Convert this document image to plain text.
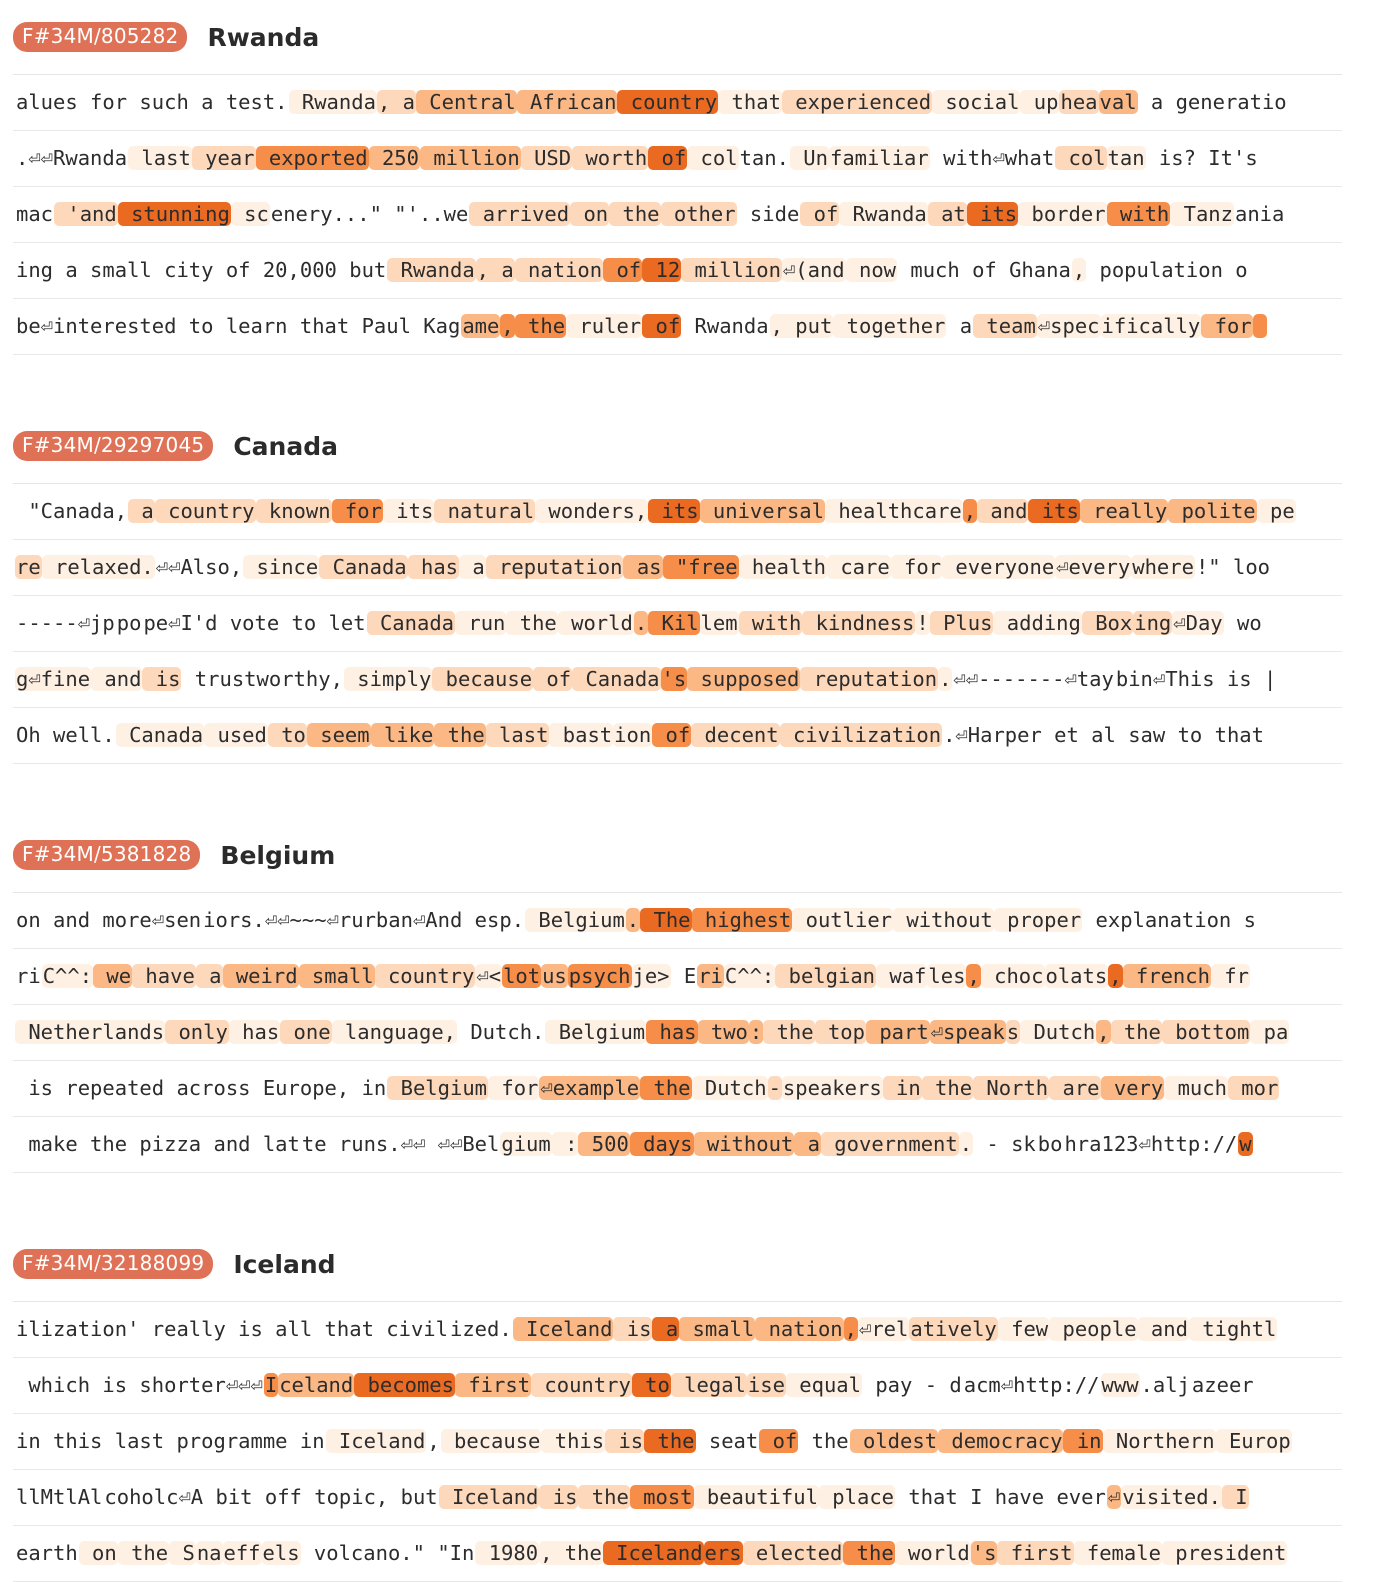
F#34M/805282	Rwanda
alues for such a test. Rwanda, a Central African country that experienced social upheaval a generatio
.⏎⏎Rwanda last year exported 250 million USD worth of coltan. Unfamiliar with⏎what coltan is? It's
mac 'and stunning scenery..." "'..we arrived on the other side of Rwanda at its border with Tanzania
ing a small city of 20,000 but Rwanda, a nation of 12 million⏎(and now much of Ghana, population o
be⏎interested to learn that Paul Kagame, the ruler of Rwanda, put together a team⏎specifically for
F#34M/29297045	Canada
"Canada, a country known for its natural wonders, its universal healthcare, and its really polite pe
re relaxed.⏎⏎Also, since Canada has a reputation as "free health care for everyone⏎everywhere!" loo
-----⏎jppope⏎I'd vote to let Canada run the world. Killem with kindness! Plus adding Boxing⏎Day wo
g⏎fine and is trustworthy, simply because of Canada's supposed reputation.⏎⏎-------⏎taybin⏎This is |
Oh well. Canada used to seem like the last bastion of decent civilization.⏎Harper et al saw to that
F#34M/5381828	Belgium
on and more⏎seniors.⏎⏎~~~⏎rurban⏎And esp. Belgium. The highest outlier without proper explanation s
riC^^: we have a weird small country⏎<lotuspsychje> EriC^^: belgian wafles, chocolats, french fr
Netherlands only has one language, Dutch. Belgium has two: the top part⏎speaks Dutch, the bottom pa
is repeated across Europe, in Belgium for⏎example the Dutch-speakers in the North are very much mor
make the pizza and latte runs.⏎⏎ ⏎⏎Belgium : 500 days without a government. - skbohra123⏎http://w
F#34M/32188099	Iceland
ilization' really is all that civilized. Iceland is a small nation,⏎relatively few people and tightl
which is shorter⏎⏎⏎Iceland becomes first country to legalise equal pay - dacm⏎http://www.aljazeer
in this last programme in Iceland, because this is the seat of the oldest democracy in Northern Europ
llMtlAlcoholc⏎A bit off topic, but Iceland is the most beautiful place that I have ever⏎visited. I
earth on the Snaeffels volcano." "In 1980, the Icelanders elected the world's first female president
